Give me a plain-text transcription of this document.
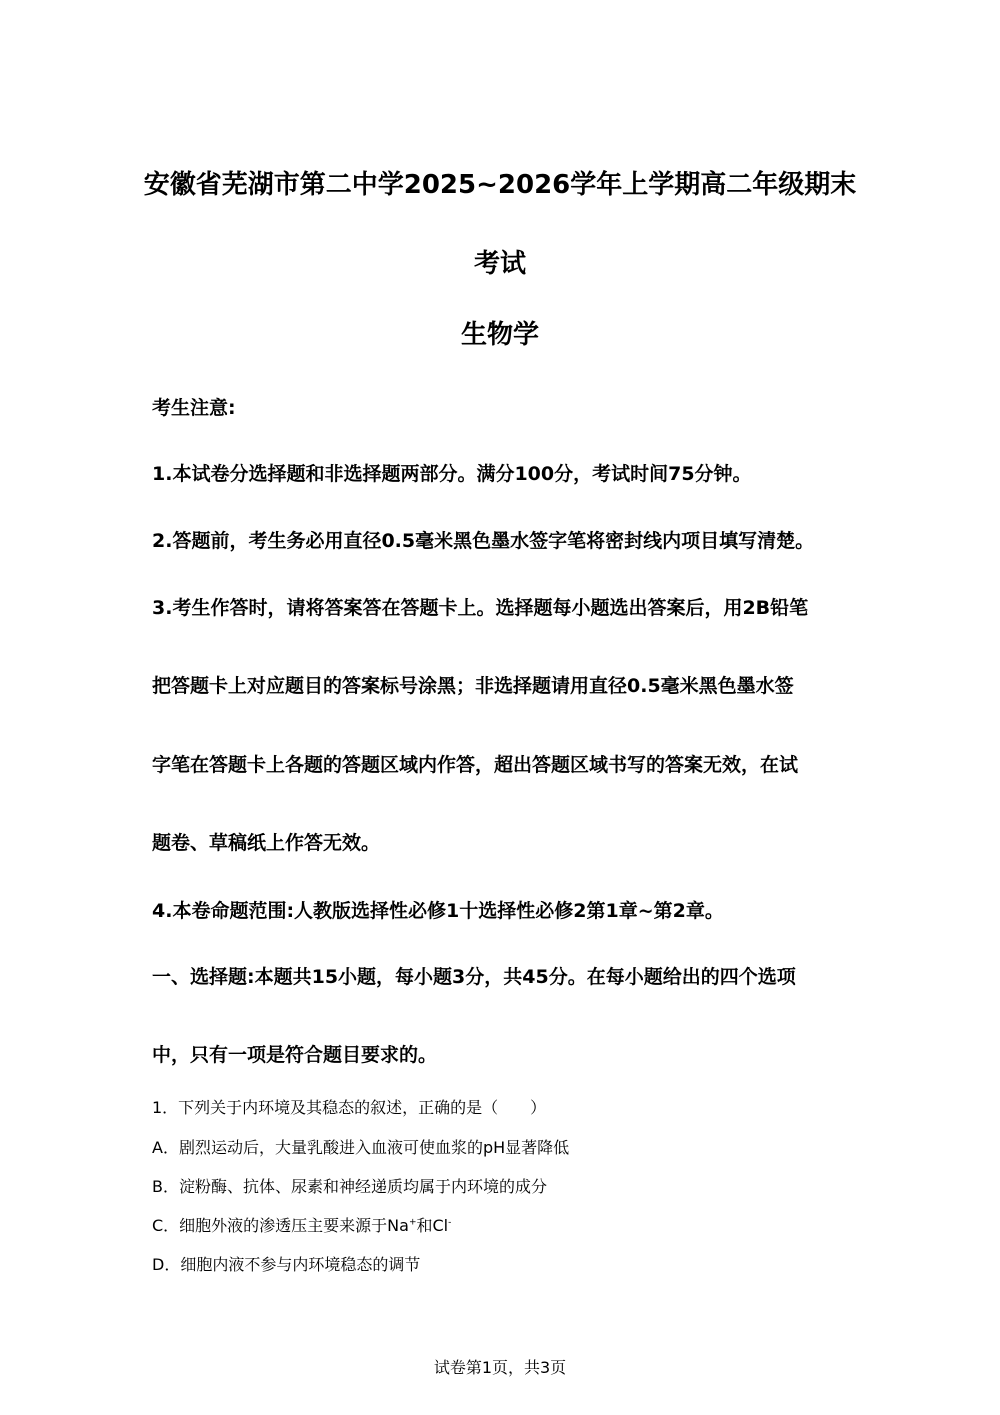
安徽省芜湖市第二中学2025~2026学年上学期高二年级期末
考试
生物学
考生注意:
1.本试卷分选择题和非选择题两部分。满分100分，考试时间75分钟。
2.答题前，考生务必用直径0.5毫米黑色墨水签字笔将密封线内项目填写清楚。
3.考生作答时，请将答案答在答题卡上。选择题每小题选出答案后，用2B铅笔
把答题卡上对应题目的答案标号涂黑；非选择题请用直径0.5毫米黑色墨水签
字笔在答题卡上各题的答题区域内作答，超出答题区域书写的答案无效，在试
题卷、草稿纸上作答无效。
4.本卷命题范围:人教版选择性必修1十选择性必修2第1章~第2章。
一、选择题:本题共15小题，每小题3分，共45分。在每小题给出的四个选项
中，只有一项是符合题目要求的。
1．下列关于内环境及其稳态的叙述，正确的是（　　）
A．剧烈运动后，大量乳酸进入血液可使血浆的pH显著降低
B．淀粉酶、抗体、尿素和神经递质均属于内环境的成分
C．细胞外液的渗透压主要来源于Na+和Cl-
D．细胞内液不参与内环境稳态的调节
试卷第1页，共3页
